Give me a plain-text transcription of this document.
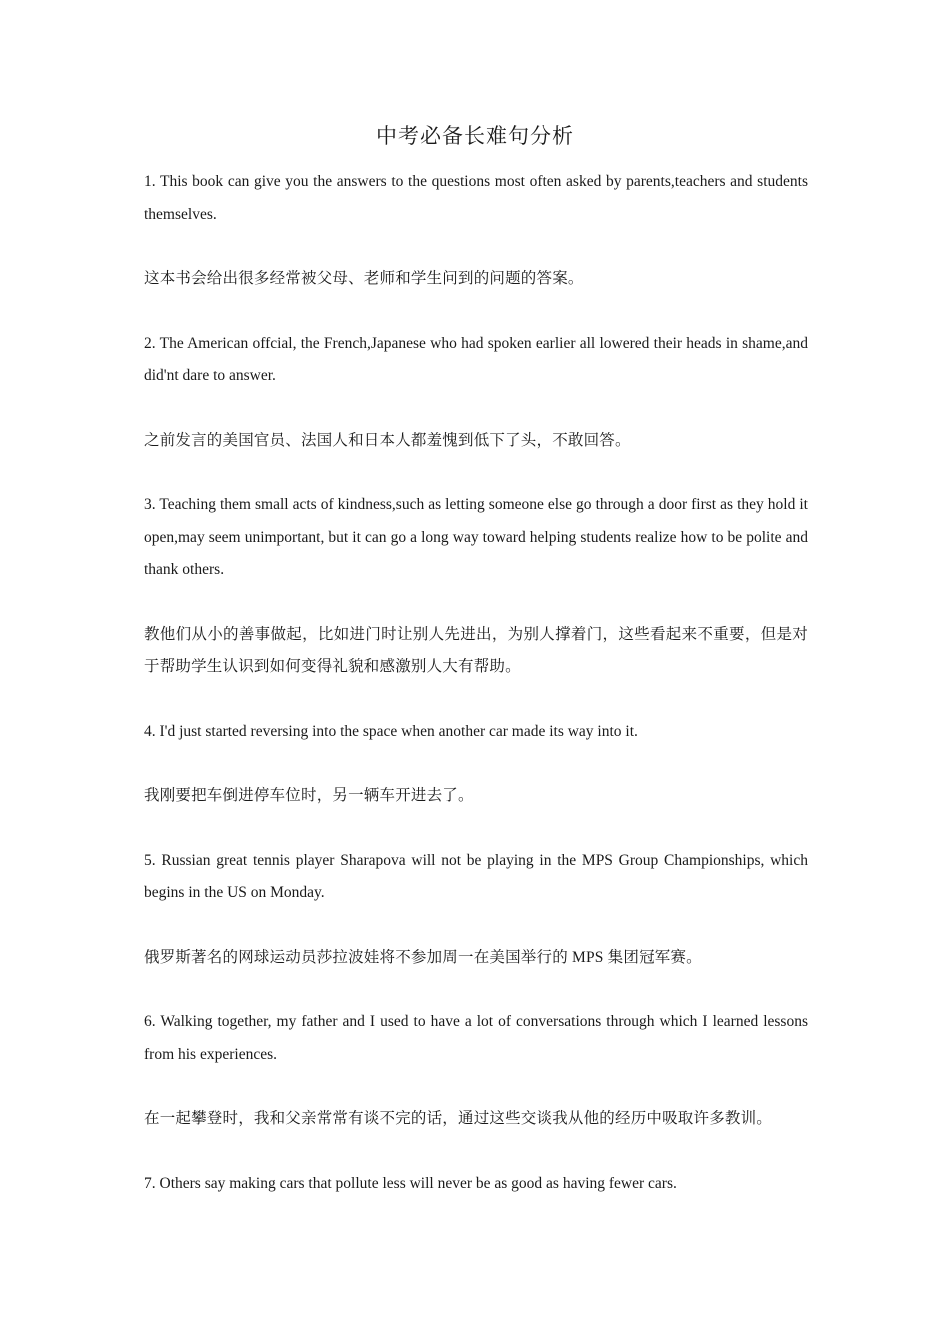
中考必备长难句分析

1. This book can give you the answers to the questions most often asked by parents,teachers and students themselves.

这本书会给出很多经常被父母、老师和学生问到的问题的答案。

2. The American offcial, the French,Japanese who had spoken earlier all lowered their heads in shame,and did'nt dare to answer.

之前发言的美国官员、法国人和日本人都羞愧到低下了头，不敢回答。

3. Teaching them small acts of kindness,such as letting someone else go through a door first as they hold it open,may seem unimportant, but it can go a long way toward helping students realize how to be polite and thank others.

教他们从小的善事做起，比如进门时让别人先进出，为别人撑着门，这些看起来不重要，但是对于帮助学生认识到如何变得礼貌和感激别人大有帮助。

4. I'd just started reversing into the space when another car made its way into it.

我刚要把车倒进停车位时，另一辆车开进去了。

5. Russian great tennis player Sharapova will not be playing in the MPS Group Championships, which begins in the US on Monday.

俄罗斯著名的网球运动员莎拉波娃将不参加周一在美国举行的 MPS 集团冠军赛。

6. Walking together, my father and I used to have a lot of conversations through which I learned lessons from his experiences.

在一起攀登时，我和父亲常常有谈不完的话，通过这些交谈我从他的经历中吸取许多教训。

7. Others say making cars that pollute less will never be as good as having fewer cars.
